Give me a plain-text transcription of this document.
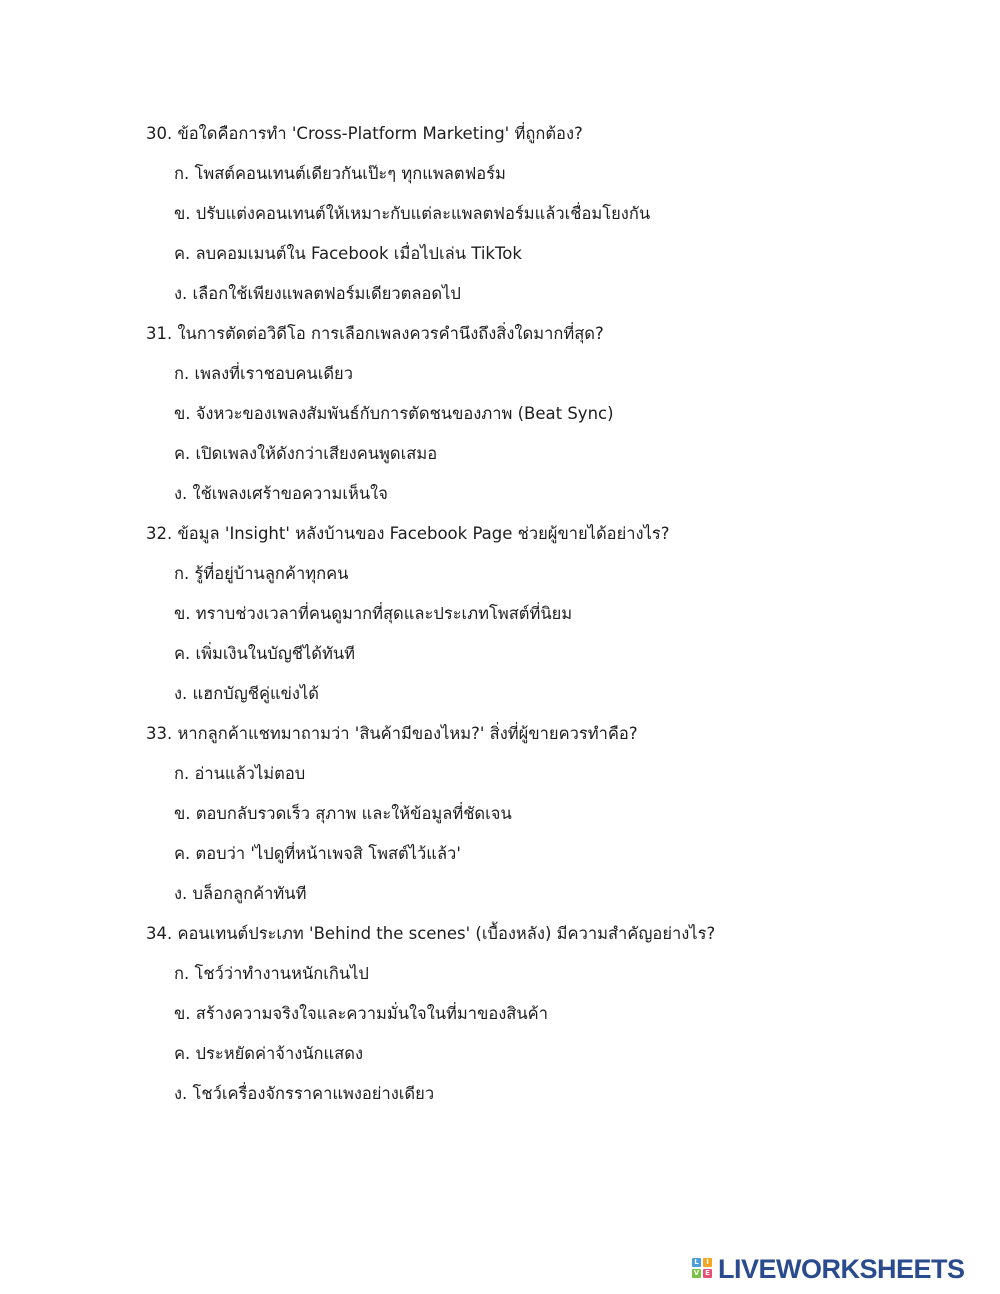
30. ข้อใดคือการทำ 'Cross-Platform Marketing' ที่ถูกต้อง?
ก. โพสต์คอนเทนต์เดียวกันเป๊ะๆ ทุกแพลตฟอร์ม
ข. ปรับแต่งคอนเทนต์ให้เหมาะกับแต่ละแพลตฟอร์มแล้วเชื่อมโยงกัน
ค. ลบคอมเมนต์ใน Facebook เมื่อไปเล่น TikTok
ง. เลือกใช้เพียงแพลตฟอร์มเดียวตลอดไป
31. ในการตัดต่อวิดีโอ การเลือกเพลงควรคำนึงถึงสิ่งใดมากที่สุด?
ก. เพลงที่เราชอบคนเดียว
ข. จังหวะของเพลงสัมพันธ์กับการตัดชนของภาพ (Beat Sync)
ค. เปิดเพลงให้ดังกว่าเสียงคนพูดเสมอ
ง. ใช้เพลงเศร้าขอความเห็นใจ
32. ข้อมูล 'Insight' หลังบ้านของ Facebook Page ช่วยผู้ขายได้อย่างไร?
ก. รู้ที่อยู่บ้านลูกค้าทุกคน
ข. ทราบช่วงเวลาที่คนดูมากที่สุดและประเภทโพสต์ที่นิยม
ค. เพิ่มเงินในบัญชีได้ทันที
ง. แฮกบัญชีคู่แข่งได้
33. หากลูกค้าแชทมาถามว่า 'สินค้ามีของไหม?' สิ่งที่ผู้ขายควรทำคือ?
ก. อ่านแล้วไม่ตอบ
ข. ตอบกลับรวดเร็ว สุภาพ และให้ข้อมูลที่ชัดเจน
ค. ตอบว่า 'ไปดูที่หน้าเพจสิ โพสต์ไว้แล้ว'
ง. บล็อกลูกค้าทันที
34. คอนเทนต์ประเภท 'Behind the scenes' (เบื้องหลัง) มีความสำคัญอย่างไร?
ก. โชว์ว่าทำงานหนักเกินไป
ข. สร้างความจริงใจและความมั่นใจในที่มาของสินค้า
ค. ประหยัดค่าจ้างนักแสดง
ง. โชว์เครื่องจักรราคาแพงอย่างเดียว
L	I
V E LIVEWORKSHEETS
